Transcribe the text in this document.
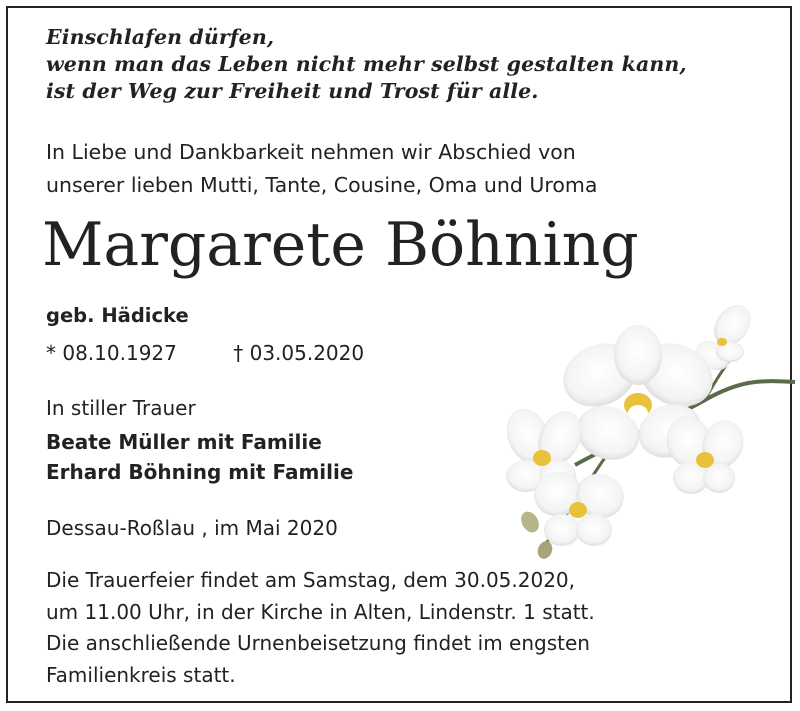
Einschlafen dürfen,
wenn man das Leben nicht mehr selbst gestalten kann,
ist der Weg zur Freiheit und Trost für alle.
In Liebe und Dankbarkeit nehmen wir Abschied von
unserer lieben Mutti, Tante, Cousine, Oma und Uroma
Margarete Böhning
geb. Hädicke
* 08.10.1927	† 03.05.2020
In stiller Trauer
Beate Müller mit Familie
Erhard Böhning mit Familie
Dessau-Roßlau , im Mai 2020
Die Trauerfeier findet am Samstag, dem 30.05.2020,
um 11.00 Uhr, in der Kirche in Alten, Lindenstr. 1 statt.
Die anschließende Urnenbeisetzung findet im engsten
Familienkreis statt.
